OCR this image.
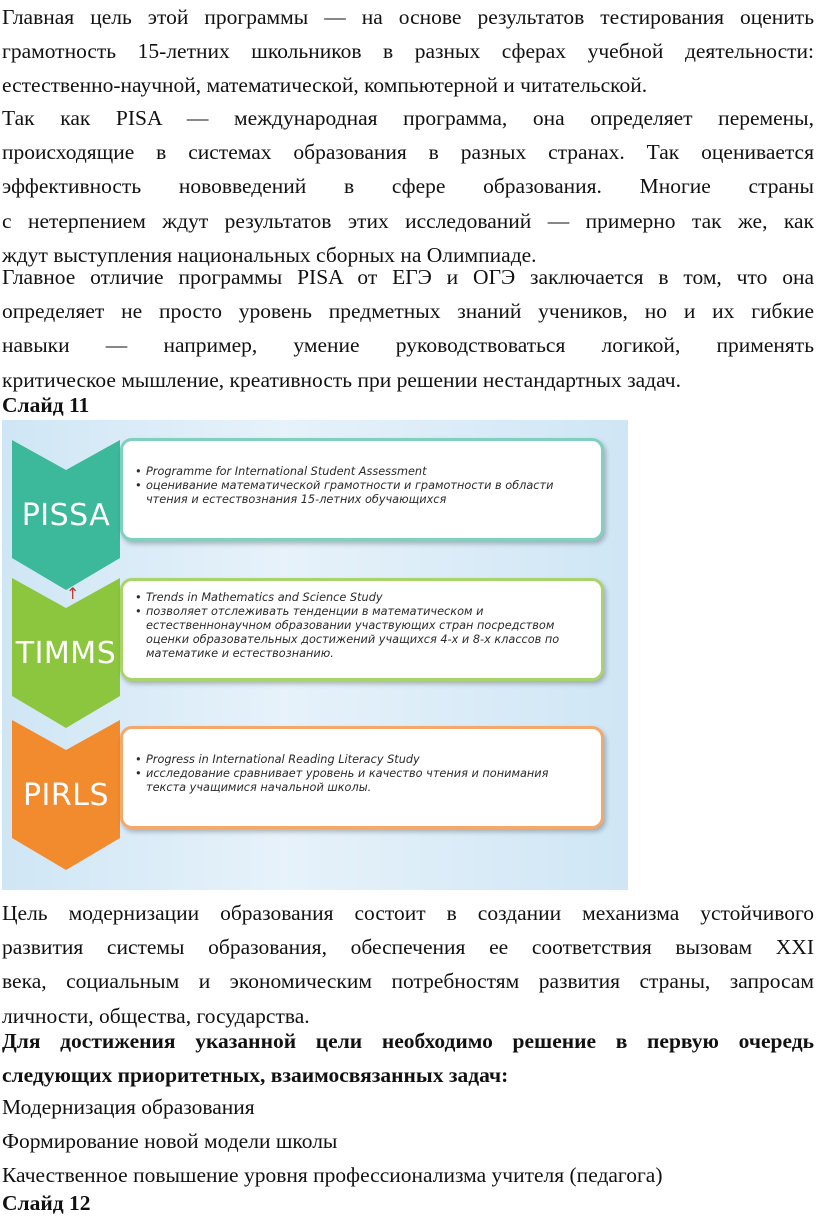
Главная цель этой программы — на основе результатов тестирования оценить
грамотность 15-летних школьников в разных сферах учебной деятельности:
естественно-научной, математической, компьютерной и читательской.
Так как PISA — международная программа, она определяет перемены,
происходящие в системах образования в разных странах. Так оценивается
эффективность нововведений в сфере образования. Многие страны
с нетерпением ждут результатов этих исследований — примерно так же, как
ждут выступления национальных сборных на Олимпиаде.
Главное отличие программы PISA от ЕГЭ и ОГЭ заключается в том, что она
определяет не просто уровень предметных знаний учеников, но и их гибкие
навыки — например, умение руководствоваться логикой, применять
критическое мышление, креативность при решении нестандартных задач.
Слайд 11
PISSA
• Programme for International Student Assessment
• оценивание математической грамотности и грамотности в области чтения и естествознания 15-летних обучающихся
↑
TIMMS
• Trends in Mathematics and Science Study
• позволяет отслеживать тенденции в математическом и естественнонаучном образовании участвующих стран посредством оценки образовательных достижений учащихся 4-х и 8-х классов по математике и естествознанию.
PIRLS
• Progress in International Reading Literacy Study
• исследование сравнивает уровень и качество чтения и понимания текста учащимися начальной школы.
Цель модернизации образования состоит в создании механизма устойчивого
развития системы образования, обеспечения ее соответствия вызовам XXI
века, социальным и экономическим потребностям развития страны, запросам
личности, общества, государства.
Для достижения указанной цели необходимо решение в первую очередь
следующих приоритетных, взаимосвязанных задач:
Модернизация образования
Формирование новой модели школы
Качественное повышение уровня профессионализма учителя (педагога)
Слайд 12
